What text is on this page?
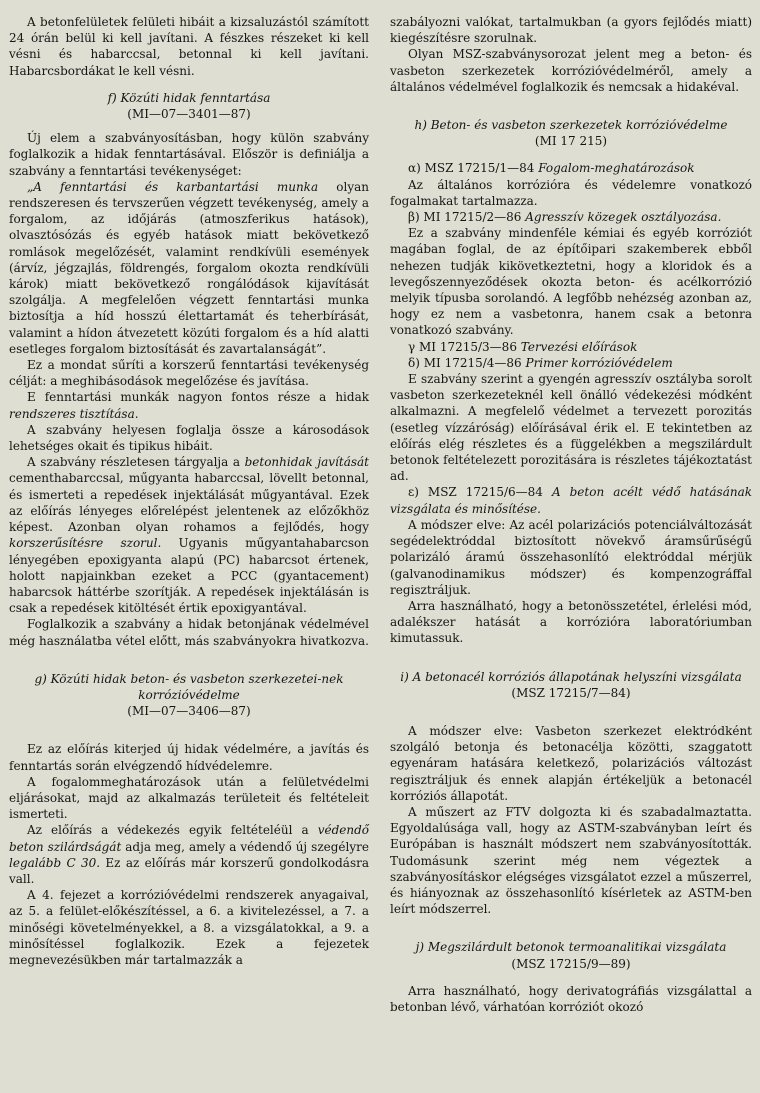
A betonfelületek felületi hibáit a kizsaluzástól számított 24 órán belül ki kell javítani. A fészkes részeket ki kell vésni és habarccsal, betonnal ki kell javítani. Habarcsbordákat le kell vésni.

f) Közúti hidak fenntartása
(MI—07—3401—87)

Új elem a szabványosításban, hogy külön szabvány foglalkozik a hidak fenntartásával. Először is definiálja a szabvány a fenntartási tevékenységet:

„A fenntartási és karbantartási munka olyan rendszeresen és tervszerűen végzett tevékenység, amely a forgalom, az időjárás (atmoszferikus hatások), olvasztósózás és egyéb hatások miatt bekövetkező romlások megelőzését, valamint rendkívüli események (árvíz, jégzajlás, földrengés, forgalom okozta rendkívüli károk) miatt bekövetkező rongálódások kijavítását szolgálja. A megfelelően végzett fenntartási munka biztosítja a híd hosszú élettartamát és teherbírását, valamint a hídon átvezetett közúti forgalom és a híd alatti esetleges forgalom biztosítását és zavartalanságát”.

Ez a mondat sűríti a korszerű fenntartási tevékenység célját: a meghibásodások megelőzése és javítása.

E fenntartási munkák nagyon fontos része a hidak rendszeres tisztítása.

A szabvány helyesen foglalja össze a károsodások lehetséges okait és tipikus hibáit.

A szabvány részletesen tárgyalja a betonhidak javítását cementhabarccsal, műgyanta habarccsal, lövellt betonnal, és ismerteti a repedések injektálását műgyantával. Ezek az előírás lényeges előrelépést jelentenek az előzőkhöz képest. Azonban olyan rohamos a fejlődés, hogy korszerűsítésre szorul. Ugyanis műgyantahabarcson lényegében epoxigyanta alapú (PC) habarcsot értenek, holott napjainkban ezeket a PCC (gyantacement) habarcsok háttérbe szorítják. A repedések injektálásán is csak a repedések kitöltését értik epoxigyantával.

Foglalkozik a szabvány a hidak betonjának védelmével még használatba vétel előtt, más szabványokra hivatkozva.

g) Közúti hidak beton- és vasbeton szerkezetei-nek korrózióvédelme
(MI—07—3406—87)

Ez az előírás kiterjed új hidak védelmére, a javítás és fenntartás során elvégzendő hídvédelemre.

A fogalommeghatározások után a felületvédelmi eljárásokat, majd az alkalmazás területeit és feltételeit ismerteti.

Az előírás a védekezés egyik feltételéül a védendő beton szilárdságát adja meg, amely a védendő új szegélyre legalább C 30. Ez az előírás már korszerű gondolkodásra vall.

A 4. fejezet a korrózióvédelmi rendszerek anyagaival, az 5. a felület-előkészítéssel, a 6. a kivitelezéssel, a 7. a minőségi követelményekkel, a 8. a vizsgálatokkal, a 9. a minősítéssel foglalkozik. Ezek a fejezetek megnevezésükben már tartalmazzák a

szabályozni valókat, tartalmukban (a gyors fejlődés miatt) kiegészítésre szorulnak.

Olyan MSZ-szabványsorozat jelent meg a beton- és vasbeton szerkezetek korrózióvédelméről, amely a általános védelmével foglalkozik és nemcsak a hidakéval.

h) Beton- és vasbeton szerkezetek korrózióvédelme
(MI 17 215)

α) MSZ 17215/1—84 Fogalom-meghatározások

Az általános korrózióra és védelemre vonatkozó fogalmakat tartalmazza.

β) MI 17215/2—86 Agresszív közegek osztályozása.

Ez a szabvány mindenféle kémiai és egyéb korróziót magában foglal, de az építőipari szakemberek ebből nehezen tudják kikövetkeztetni, hogy a kloridok és a levegőszennyeződések okozta beton- és acélkorrózió melyik típusba sorolandó. A legfőbb nehézség azonban az, hogy ez nem a vasbetonra, hanem csak a betonra vonatkozó szabvány.

γ MI 17215/3—86 Tervezési előírások

δ) MI 17215/4—86 Primer korrózióvédelem

E szabvány szerint a gyengén agresszív osztályba sorolt vasbeton szerkezeteknél kell önálló védekezési módként alkalmazni. A megfelelő védelmet a tervezett porozitás (esetleg vízzáróság) előírásával érik el. E tekintetben az előírás elég részletes és a függelékben a megszilárdult betonok feltételezett porozitására is részletes tájékoztatást ad.

ε) MSZ 17215/6—84 A beton acélt védő hatásának vizsgálata és minősítése.

A módszer elve: Az acél polarizációs potenciálváltozását segédelektróddal biztosított növekvő áramsűrűségű polarizáló áramú összehasonlító elektróddal mérjük (galvanodinamikus módszer) és kompenzográffal regisztráljuk.

Arra használható, hogy a betonösszetétel, érlelési mód, adalékszer hatását a korrózióra laboratóriumban kimutassuk.

i) A betonacél korróziós állapotának helyszíni vizsgálata
(MSZ 17215/7—84)

A módszer elve: Vasbeton szerkezet elektródként szolgáló betonja és betonacélja közötti, szaggatott egyenáram hatására keletkező, polarizációs változást regisztráljuk és ennek alapján értékeljük a betonacél korróziós állapotát.

A műszert az FTV dolgozta ki és szabadalmaztatta. Egyoldalúsága vall, hogy az ASTM-szabványban leírt és Európában is használt módszert nem szabványosították. Tudomásunk szerint még nem végeztek a szabványosításkor elégséges vizsgálatot ezzel a műszerrel, és hiányoznak az összehasonlító kísérletek az ASTM-ben leírt módszerrel.

j) Megszilárdult betonok termoanalitikai vizsgálata
(MSZ 17215/9—89)

Arra használható, hogy derivatográfiás vizsgálattal a betonban lévő, várhatóan korróziót okozó
